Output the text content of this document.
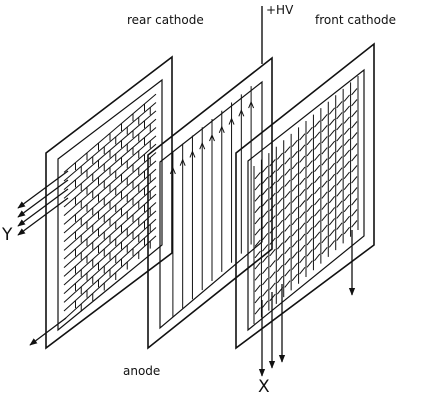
rear cathode	front cathode
+HV
anode
Y
X
